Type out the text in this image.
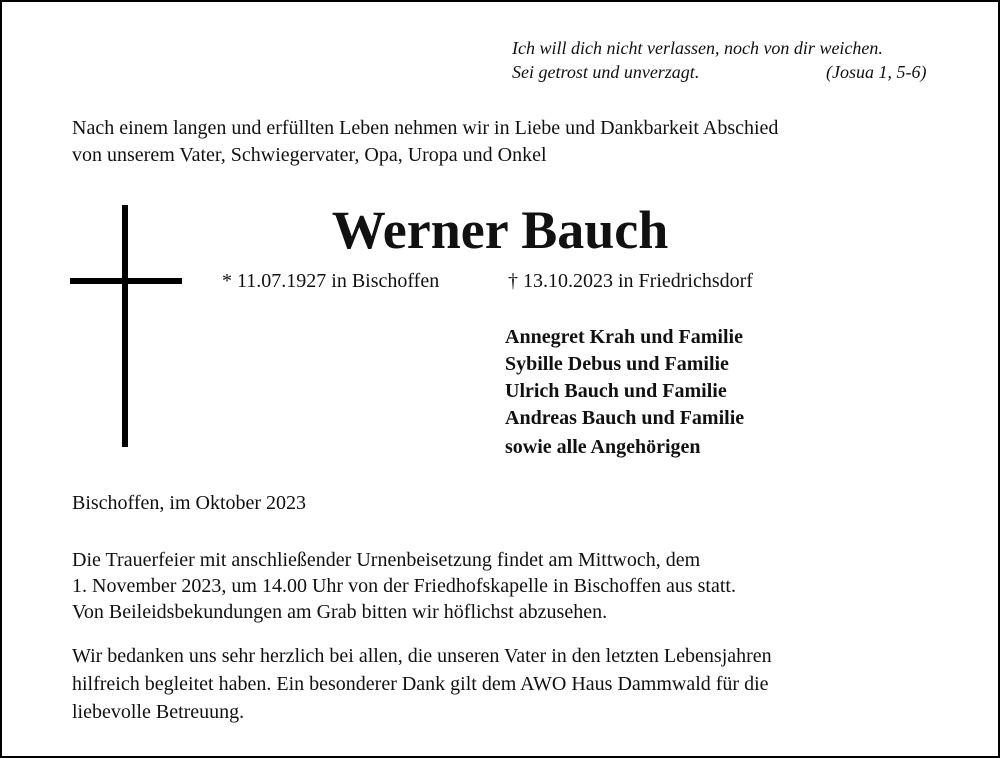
Ich will dich nicht verlassen, noch von dir weichen.
Sei getrost und unverzagt.	(Josua 1, 5-6)
Nach einem langen und erfüllten Leben nehmen wir in Liebe und Dankbarkeit Abschied
von unserem Vater, Schwiegervater, Opa, Uropa und Onkel
Werner Bauch
* 11.07.1927 in Bischoffen	† 13.10.2023 in Friedrichsdorf
Annegret Krah und Familie
Sybille Debus und Familie
Ulrich Bauch und Familie
Andreas Bauch und Familie
sowie alle Angehörigen
Bischoffen, im Oktober 2023
Die Trauerfeier mit anschließender Urnenbeisetzung findet am Mittwoch, dem
1. November 2023, um 14.00 Uhr von der Friedhofskapelle in Bischoffen aus statt.
Von Beileidsbekundungen am Grab bitten wir höflichst abzusehen.
Wir bedanken uns sehr herzlich bei allen, die unseren Vater in den letzten Lebensjahren
hilfreich begleitet haben. Ein besonderer Dank gilt dem AWO Haus Dammwald für die
liebevolle Betreuung.
